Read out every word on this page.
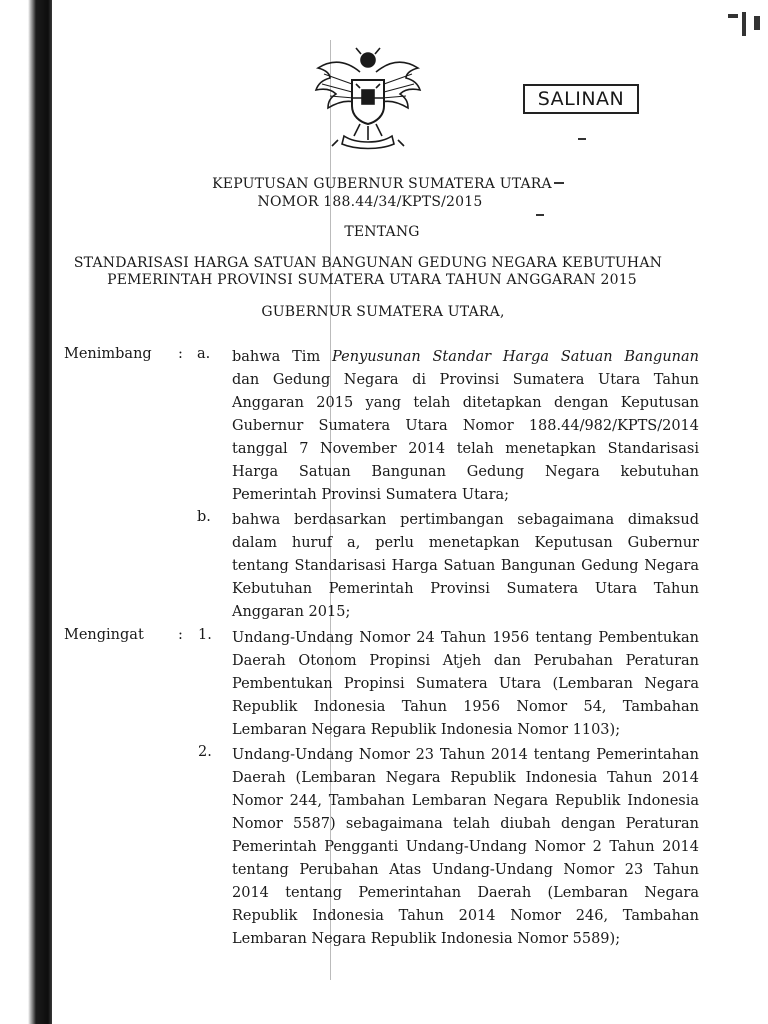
SALINAN
KEPUTUSAN GUBERNUR SUMATERA UTARA
NOMOR 188.44/34/KPTS/2015
TENTANG
STANDARISASI HARGA SATUAN BANGUNAN GEDUNG NEGARA KEBUTUHAN
PEMERINTAH PROVINSI SUMATERA UTARA TAHUN ANGGARAN 2015
GUBERNUR SUMATERA UTARA,
Menimbang : a. bahwa Tim Penyusunan Standar Harga Satuan Bangunan
dan Gedung Negara di Provinsi Sumatera Utara Tahun
Anggaran 2015 yang telah ditetapkan dengan Keputusan
Gubernur Sumatera Utara Nomor 188.44/982/KPTS/2014
tanggal 7 November 2014 telah menetapkan Standarisasi
Harga Satuan Bangunan Gedung Negara kebutuhan
Pemerintah Provinsi Sumatera Utara;
b. bahwa berdasarkan pertimbangan sebagaimana dimaksud
dalam huruf a, perlu menetapkan Keputusan Gubernur
tentang Standarisasi Harga Satuan Bangunan Gedung Negara
Kebutuhan Pemerintah Provinsi Sumatera Utara Tahun
Anggaran 2015;
Mengingat : 1. Undang-Undang Nomor 24 Tahun 1956 tentang Pembentukan
Daerah Otonom Propinsi Atjeh dan Perubahan Peraturan
Pembentukan Propinsi Sumatera Utara (Lembaran Negara
Republik Indonesia Tahun 1956 Nomor 54, Tambahan
Lembaran Negara Republik Indonesia Nomor 1103);
2. Undang-Undang Nomor 23 Tahun 2014 tentang Pemerintahan
Daerah (Lembaran Negara Republik Indonesia Tahun 2014
Nomor 244, Tambahan Lembaran Negara Republik Indonesia
Nomor 5587) sebagaimana telah diubah dengan Peraturan
Pemerintah Pengganti Undang-Undang Nomor 2 Tahun 2014
tentang Perubahan Atas Undang-Undang Nomor 23 Tahun
2014 tentang Pemerintahan Daerah (Lembaran Negara
Republik Indonesia Tahun 2014 Nomor 246, Tambahan
Lembaran Negara Republik Indonesia Nomor 5589);
